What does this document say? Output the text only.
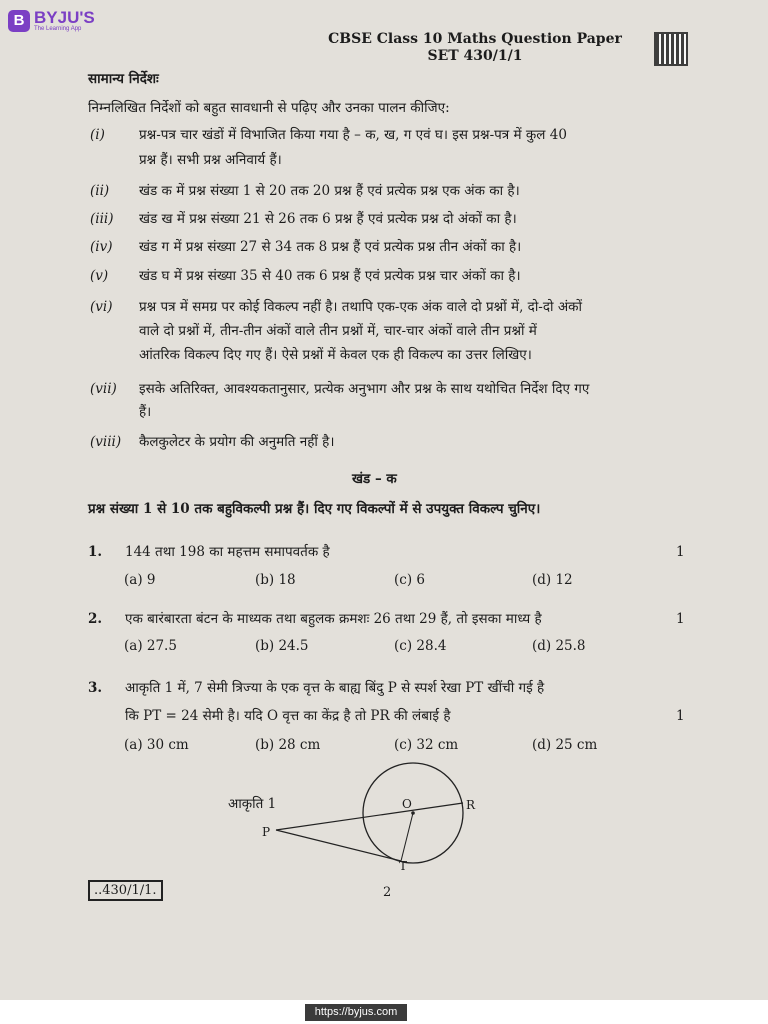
B BYJU'S
The Learning App
CBSE Class 10 Maths Question Paper
SET 430/1/1
सामान्य निर्देशः
निम्नलिखित निर्देशों को बहुत सावधानी से पढ़िए और उनका पालन कीजिए:
(i)	प्रश्न-पत्र चार खंडों में विभाजित किया गया है – क, ख, ग एवं घ। इस प्रश्न-पत्र में कुल 40
प्रश्न हैं। सभी प्रश्न अनिवार्य हैं।
(ii) खंड क में प्रश्न संख्या 1 से 20 तक 20 प्रश्न हैं एवं प्रत्येक प्रश्न एक अंक का है।
(iii) खंड ख में प्रश्न संख्या 21 से 26 तक 6 प्रश्न हैं एवं प्रत्येक प्रश्न दो अंकों का है।
(iv) खंड ग में प्रश्न संख्या 27 से 34 तक 8 प्रश्न हैं एवं प्रत्येक प्रश्न तीन अंकों का है।
(v) खंड घ में प्रश्न संख्या 35 से 40 तक 6 प्रश्न हैं एवं प्रत्येक प्रश्न चार अंकों का है।
(vi) प्रश्न पत्र में समग्र पर कोई विकल्प नहीं है। तथापि एक-एक अंक वाले दो प्रश्नों में, दो-दो अंकों
वाले दो प्रश्नों में, तीन-तीन अंकों वाले तीन प्रश्नों में, चार-चार अंकों वाले तीन प्रश्नों में
आंतरिक विकल्प दिए गए हैं। ऐसे प्रश्नों में केवल एक ही विकल्प का उत्तर लिखिए।
(vii) इसके अतिरिक्त, आवश्यकतानुसार, प्रत्येक अनुभाग और प्रश्न के साथ यथोचित निर्देश दिए गए
हैं।
(viii) कैलकुलेटर के प्रयोग की अनुमति नहीं है।
खंड – क
प्रश्न संख्या 1 से 10 तक बहुविकल्पी प्रश्न हैं। दिए गए विकल्पों में से उपयुक्त विकल्प चुनिए।
1. 144 तथा 198 का महत्तम समापवर्तक है	1
(a) 9	(b) 18	(c) 6	(d) 12
2. एक बारंबारता बंटन के माध्यक तथा बहुलक क्रमशः 26 तथा 29 हैं, तो इसका माध्य है	1
(a) 27.5	(b) 24.5	(c) 28.4	(d) 25.8
3. आकृति 1 में, 7 सेमी त्रिज्या के एक वृत्त के बाह्य बिंदु P से स्पर्श रेखा PT खींची गई है
कि PT = 24 सेमी है। यदि O वृत्त का केंद्र है तो PR की लंबाई है	1
(a) 30 cm	(b) 28 cm	(c) 32 cm	(d) 25 cm
आकृति 1	O	R
P
T
..430/1/1.	2
https://byjus.com
